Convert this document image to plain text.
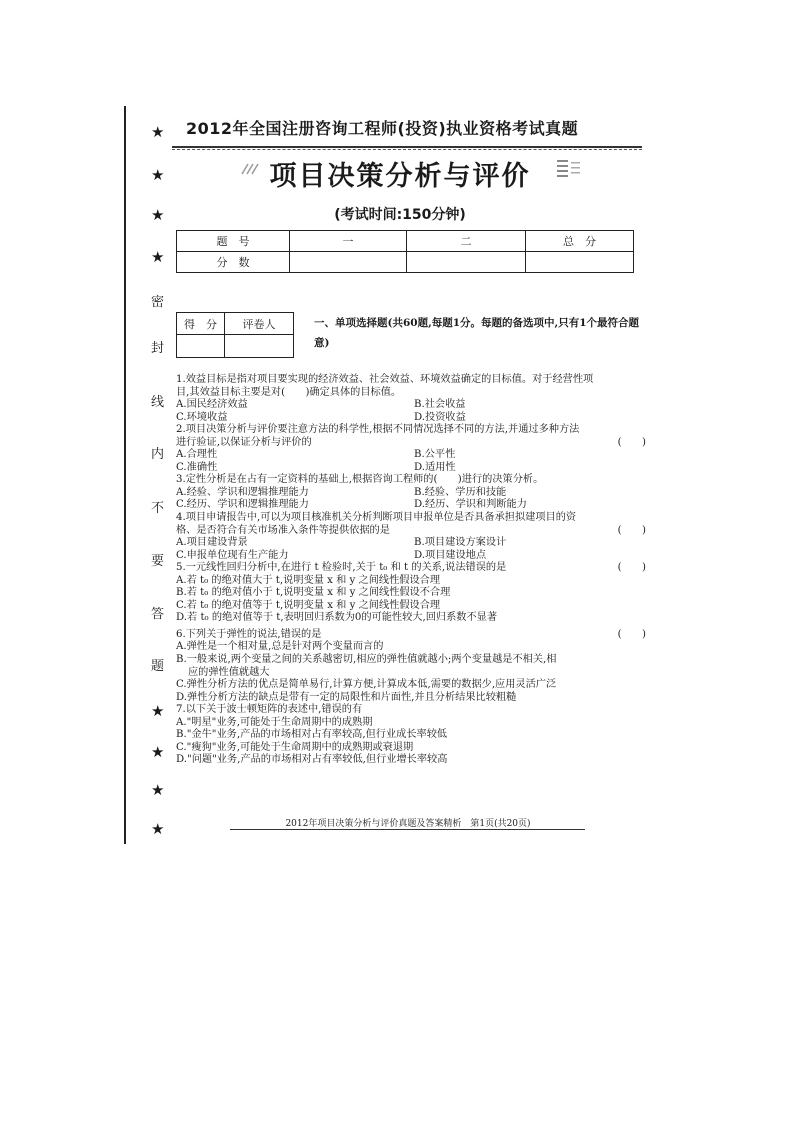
★
★
★
★
密
封
线
内
不
要
答
题
★
★
★
★
2012年全国注册咨询工程师(投资)执业资格考试真题
项目决策分析与评价
(考试时间:150分钟)
题　号	一	二	总　分
分　数			
得　分	评卷人
		一、单项选择题(共60题,每题1分。每题的备选项中,只有1个最符合题意)
1.效益目标是指对项目要实现的经济效益、社会效益、环境效益确定的目标值。对于经营性项
目,其效益目标主要是对(　　)确定具体的目标值。
A.国民经济效益	B.社会收益
C.环境收益	D.投资收益
2.项目决策分析与评价要注意方法的科学性,根据不同情况选择不同的方法,并通过多种方法
进行验证,以保证分析与评价的	(　　)
A.合理性	B.公平性
C.准确性	D.适用性
3.定性分析是在占有一定资料的基础上,根据咨询工程师的(　　)进行的决策分析。
A.经验、学识和逻辑推理能力	B.经验、学历和技能
C.经历、学识和逻辑推理能力	D.经历、学识和判断能力
4.项目申请报告中,可以为项目核准机关分析判断项目申报单位是否具备承担拟建项目的资
格、是否符合有关市场准入条件等提供依据的是	(　　)
A.项目建设背景	B.项目建设方案设计
C.申报单位现有生产能力	D.项目建设地点
5.一元线性回归分析中,在进行 t 检验时,关于 t₀ 和 t 的关系,说法错误的是	(　　)
A.若 t₀ 的绝对值大于 t,说明变量 x 和 y 之间线性假设合理
B.若 t₀ 的绝对值小于 t,说明变量 x 和 y 之间线性假设不合理
C.若 t₀ 的绝对值等于 t,说明变量 x 和 y 之间线性假设合理
D.若 t₀ 的绝对值等于 t,表明回归系数为0的可能性较大,回归系数不显著
6.下列关于弹性的说法,错误的是	(　　)
A.弹性是一个相对量,总是针对两个变量而言的
B.一般来说,两个变量之间的关系越密切,相应的弹性值就越小;两个变量越是不相关,相
应的弹性值就越大
C.弹性分析方法的优点是简单易行,计算方便,计算成本低,需要的数据少,应用灵活广泛
D.弹性分析方法的缺点是带有一定的局限性和片面性,并且分析结果比较粗糙
7.以下关于波士顿矩阵的表述中,错误的有
A."明星"业务,可能处于生命周期中的成熟期
B."金牛"业务,产品的市场相对占有率较高,但行业成长率较低
C."瘦狗"业务,可能处于生命周期中的成熟期或衰退期
D."问题"业务,产品的市场相对占有率较低,但行业增长率较高
2012年项目决策分析与评价真题及答案精析　第1页(共20页)
